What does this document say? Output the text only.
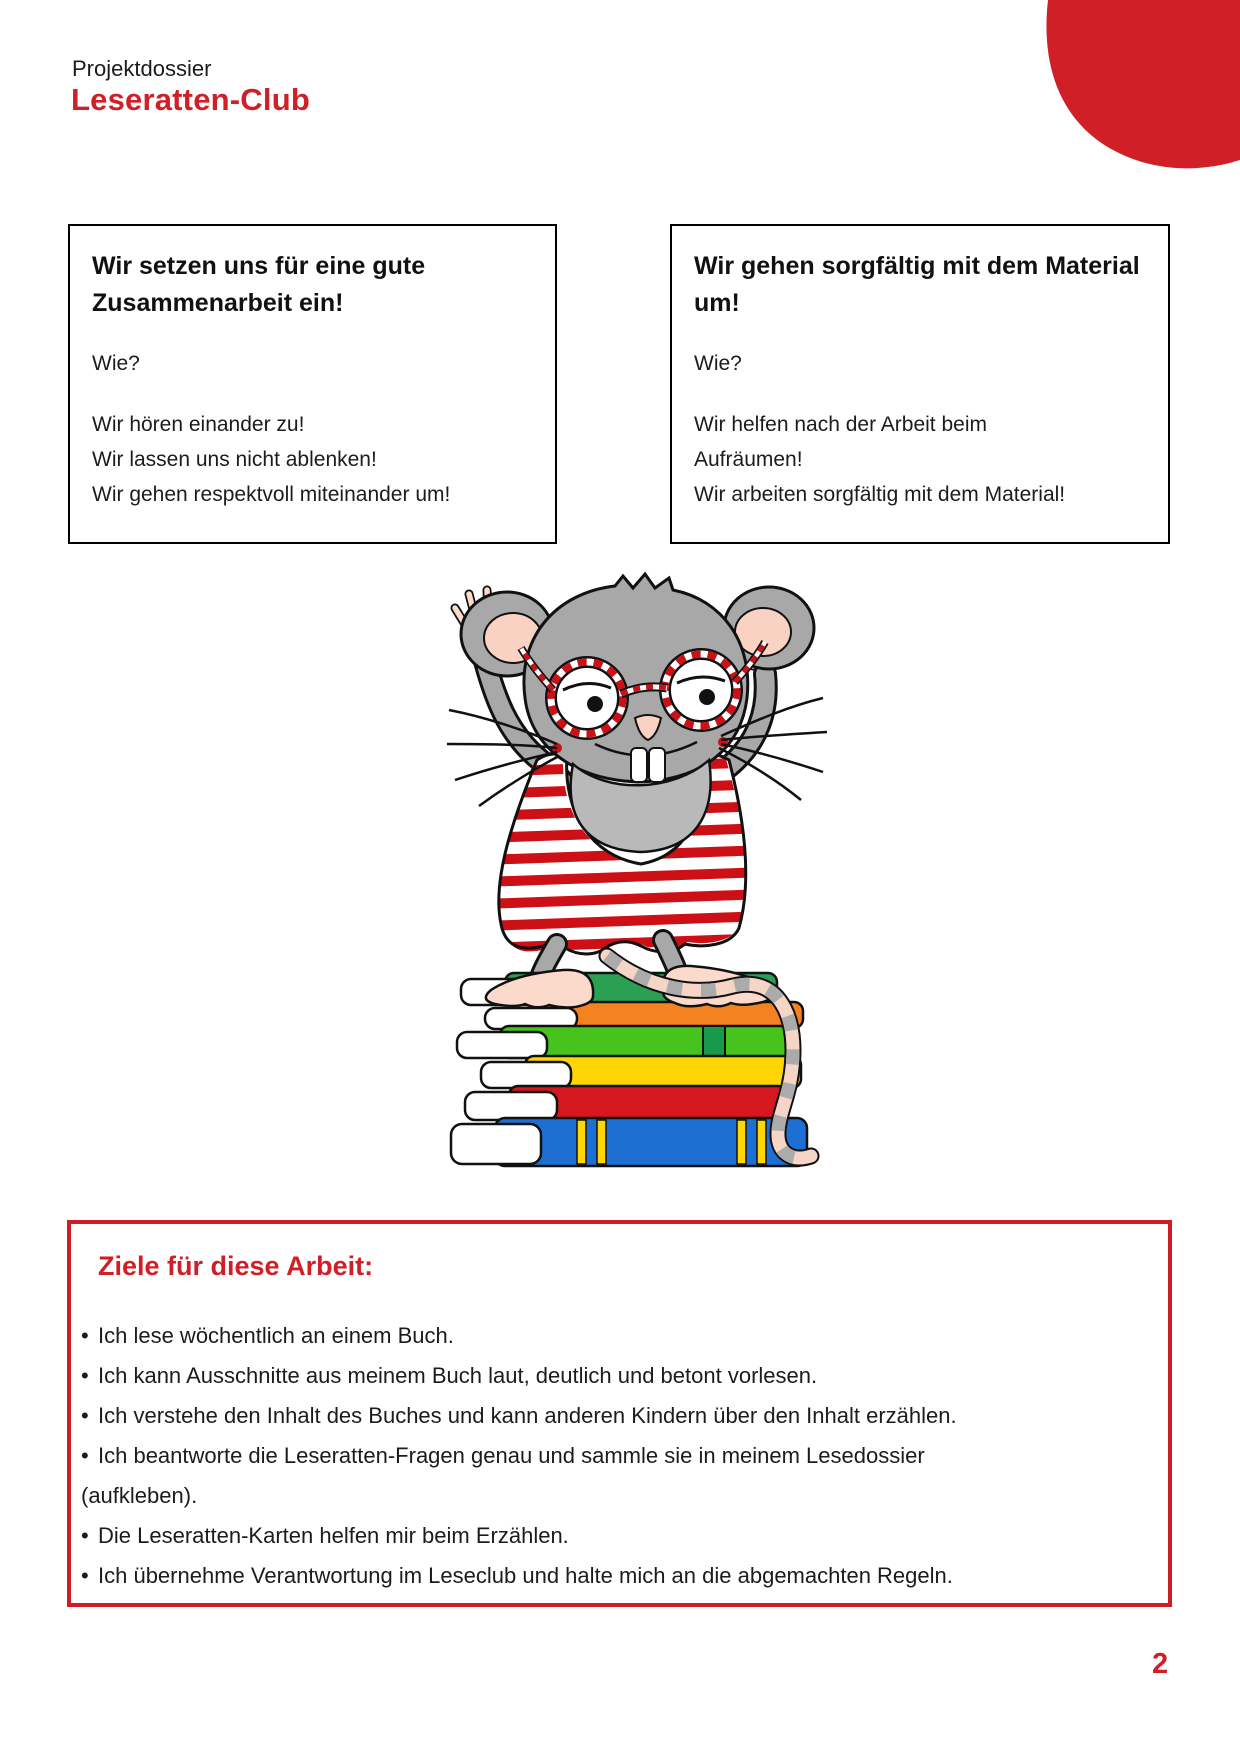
Projektdossier
Leseratten-Club
Wir setzen uns für eine gute Zusammenarbeit ein!

Wie?

Wir hören einander zu!
Wir lassen uns nicht ablenken!
Wir gehen respektvoll miteinander um!
Wir gehen sorgfältig mit dem Material um!

Wie?

Wir helfen nach der Arbeit beim
Aufräumen!
Wir arbeiten sorgfältig mit dem Material!
Ziele für diese Arbeit:
• Ich lese wöchentlich an einem Buch.
• Ich kann Ausschnitte aus meinem Buch laut, deutlich und betont vorlesen.
• Ich verstehe den Inhalt des Buches und kann anderen Kindern über den Inhalt erzählen.
• Ich beantworte die Leseratten-Fragen genau und sammle sie in meinem Lesedossier (aufkleben).
• Die Leseratten-Karten helfen mir beim Erzählen.
• Ich übernehme Verantwortung im Leseclub und halte mich an die abgemachten Regeln.
2
